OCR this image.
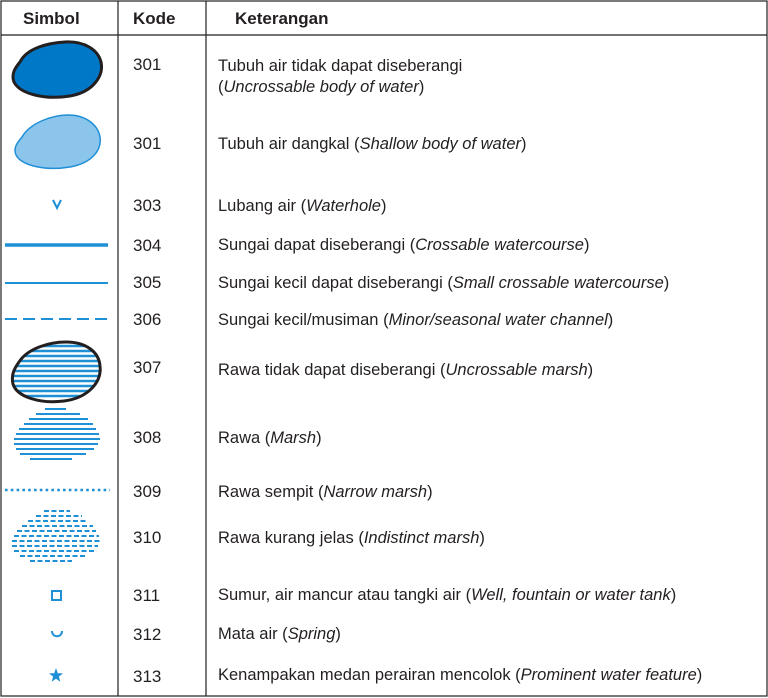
Simbol	Kode	Keterangan
301	Tubuh air tidak dapat diseberangi
(Uncrossable body of water)
301	Tubuh air dangkal (Shallow body of water)
303	Lubang air (Waterhole)
304	Sungai dapat diseberangi (Crossable watercourse)
305	Sungai kecil dapat diseberangi (Small crossable watercourse)
306	Sungai kecil/musiman (Minor/seasonal water channel)
307	Rawa tidak dapat diseberangi (Uncrossable marsh)
308	Rawa (Marsh)
309	Rawa sempit (Narrow marsh)
310	Rawa kurang jelas (Indistinct marsh)
311	Sumur, air mancur atau tangki air (Well, fountain or water tank)
312	Mata air (Spring)
313	Kenampakan medan perairan mencolok (Prominent water feature)
